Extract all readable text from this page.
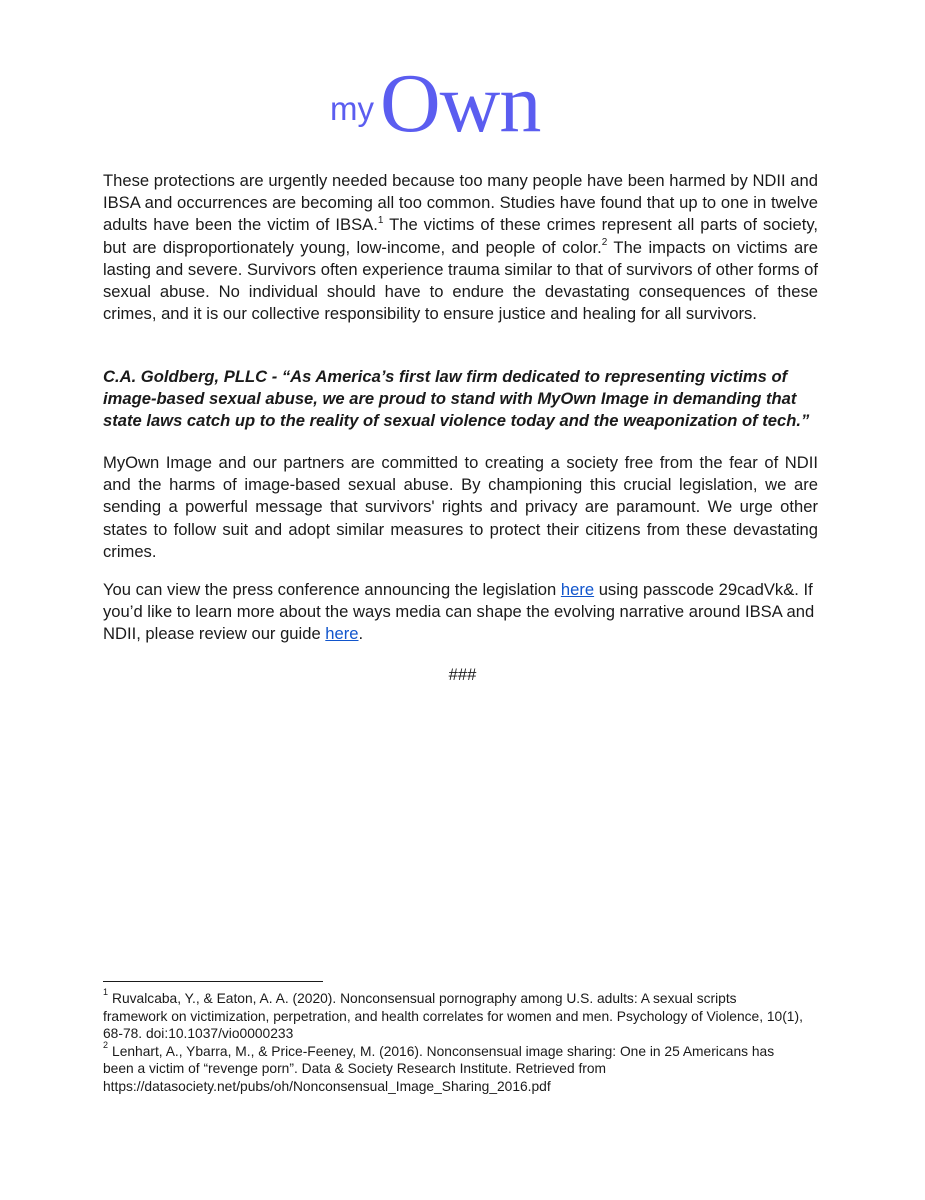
my Own

These protections are urgently needed because too many people have been harmed by NDII and IBSA and occurrences are becoming all too common. Studies have found that up to one in twelve adults have been the victim of IBSA.$^1$ The victims of these crimes represent all parts of society, but are disproportionately young, low-income, and people of color.$^2$ The impacts on victims are lasting and severe. Survivors often experience trauma similar to that of survivors of other forms of sexual abuse. No individual should have to endure the devastating consequences of these crimes, and it is our collective responsibility to ensure justice and healing for all survivors.

C.A. Goldberg, PLLC - “As America’s first law firm dedicated to representing victims of image-based sexual abuse, we are proud to stand with MyOwn Image in demanding that state laws catch up to the reality of sexual violence today and the weaponization of tech.”

MyOwn Image and our partners are committed to creating a society free from the fear of NDII and the harms of image-based sexual abuse. By championing this crucial legislation, we are sending a powerful message that survivors' rights and privacy are paramount. We urge other states to follow suit and adopt similar measures to protect their citizens from these devastating crimes.

You can view the press conference announcing the legislation here using passcode 29cadVk&. If you’d like to learn more about the ways media can shape the evolving narrative around IBSA and NDII, please review our guide here.

###

$^1$ Ruvalcaba, Y., & Eaton, A. A. (2020). Nonconsensual pornography among U.S. adults: A sexual scripts framework on victimization, perpetration, and health correlates for women and men. Psychology of Violence, 10(1), 68-78. doi:10.1037/vio0000233

$^2$ Lenhart, A., Ybarra, M., & Price-Feeney, M. (2016). Nonconsensual image sharing: One in 25 Americans has been a victim of “revenge porn”. Data & Society Research Institute. Retrieved from https://datasociety.net/pubs/oh/Nonconsensual_Image_Sharing_2016.pdf
